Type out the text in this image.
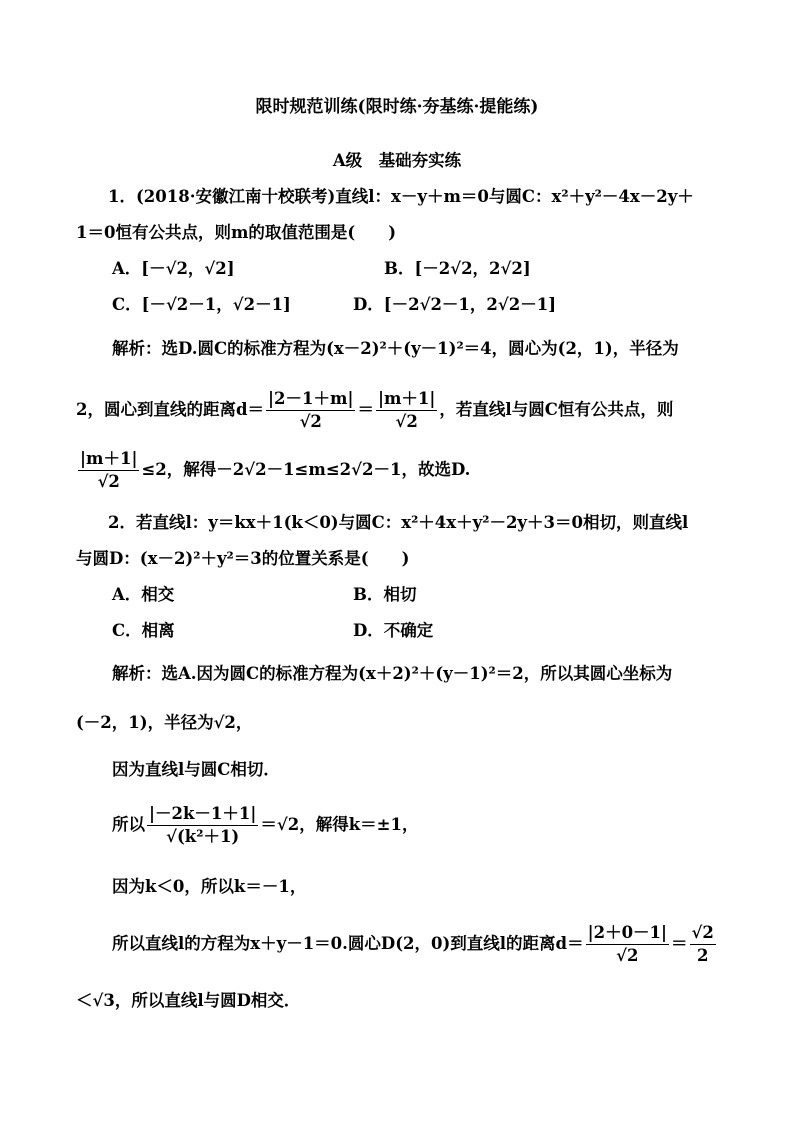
限时规范训练(限时练·夯基练·提能练)
A级　基础夯实练
1．(2018·安徽江南十校联考)直线l：x－y＋m＝0与圆C：x²＋y²－4x－2y＋
1＝0恒有公共点，则m的取值范围是(　　)
A．[－√2，√2]	B．[－2√2，2√2]
C．[－√2－1，√2－1]	D．[－2√2－1，2√2－1]
解析：选D.圆C的标准方程为(x－2)²＋(y－1)²＝4，圆心为(2，1)，半径为
2，圆心到直线的距离$d= \frac{|2-1+m|}{√2} = \frac{|m+1|}{√2}$ ，若直线l与圆C恒有公共点，则
$\frac{|m+1|}{√2} \le 2$，解得－2√2－1≤m≤2√2－1，故选D.
2．若直线l：y＝kx＋1(k＜0)与圆C：x²＋4x＋y²－2y＋3＝0相切，则直线l
与圆D：(x－2)²＋y²＝3的位置关系是(　　)
A．相交	B．相切
C．相离	D．不确定
解析：选A.因为圆C的标准方程为(x＋2)²＋(y－1)²＝2，所以其圆心坐标为
(－2，1)，半径为√2，
因为直线l与圆C相切．
所以 $\frac{|-2k-1+1|}{\text{√(k²＋1)}} =√2$，解得k＝±1，
因为k＜0，所以k＝－1，
所以直线l的方程为x＋y－1＝0.圆心D(2，0)到直线l的距离$d= \frac{|2+0-1|}{√2} = \frac{√2}{2}$
＜√3，所以直线l与圆D相交．
